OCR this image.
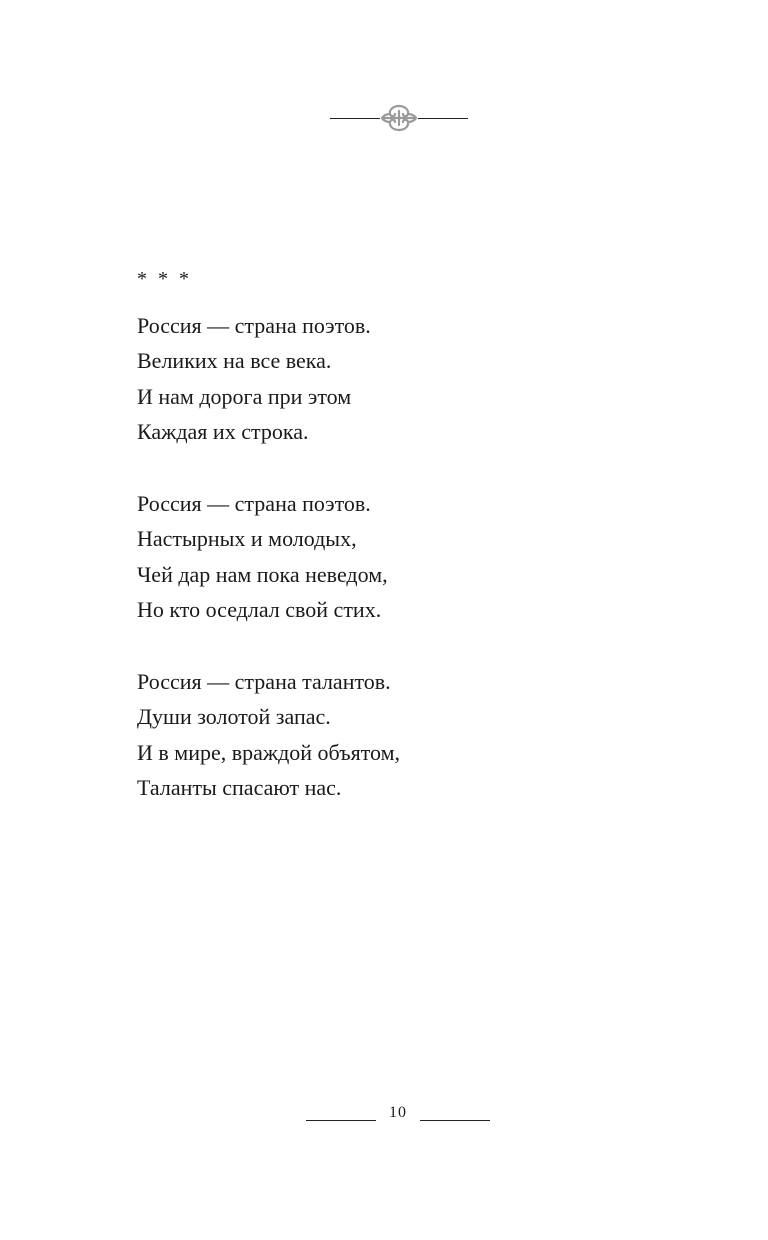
* * *
Россия — страна поэтов.
Великих на все века.
И нам дорога при этом
Каждая их строка.
Россия — страна поэтов.
Настырных и молодых,
Чей дар нам пока неведом,
Но кто оседлал свой стих.
Россия — страна талантов.
Души золотой запас.
И в мире, враждой объятом,
Таланты спасают нас.
10
